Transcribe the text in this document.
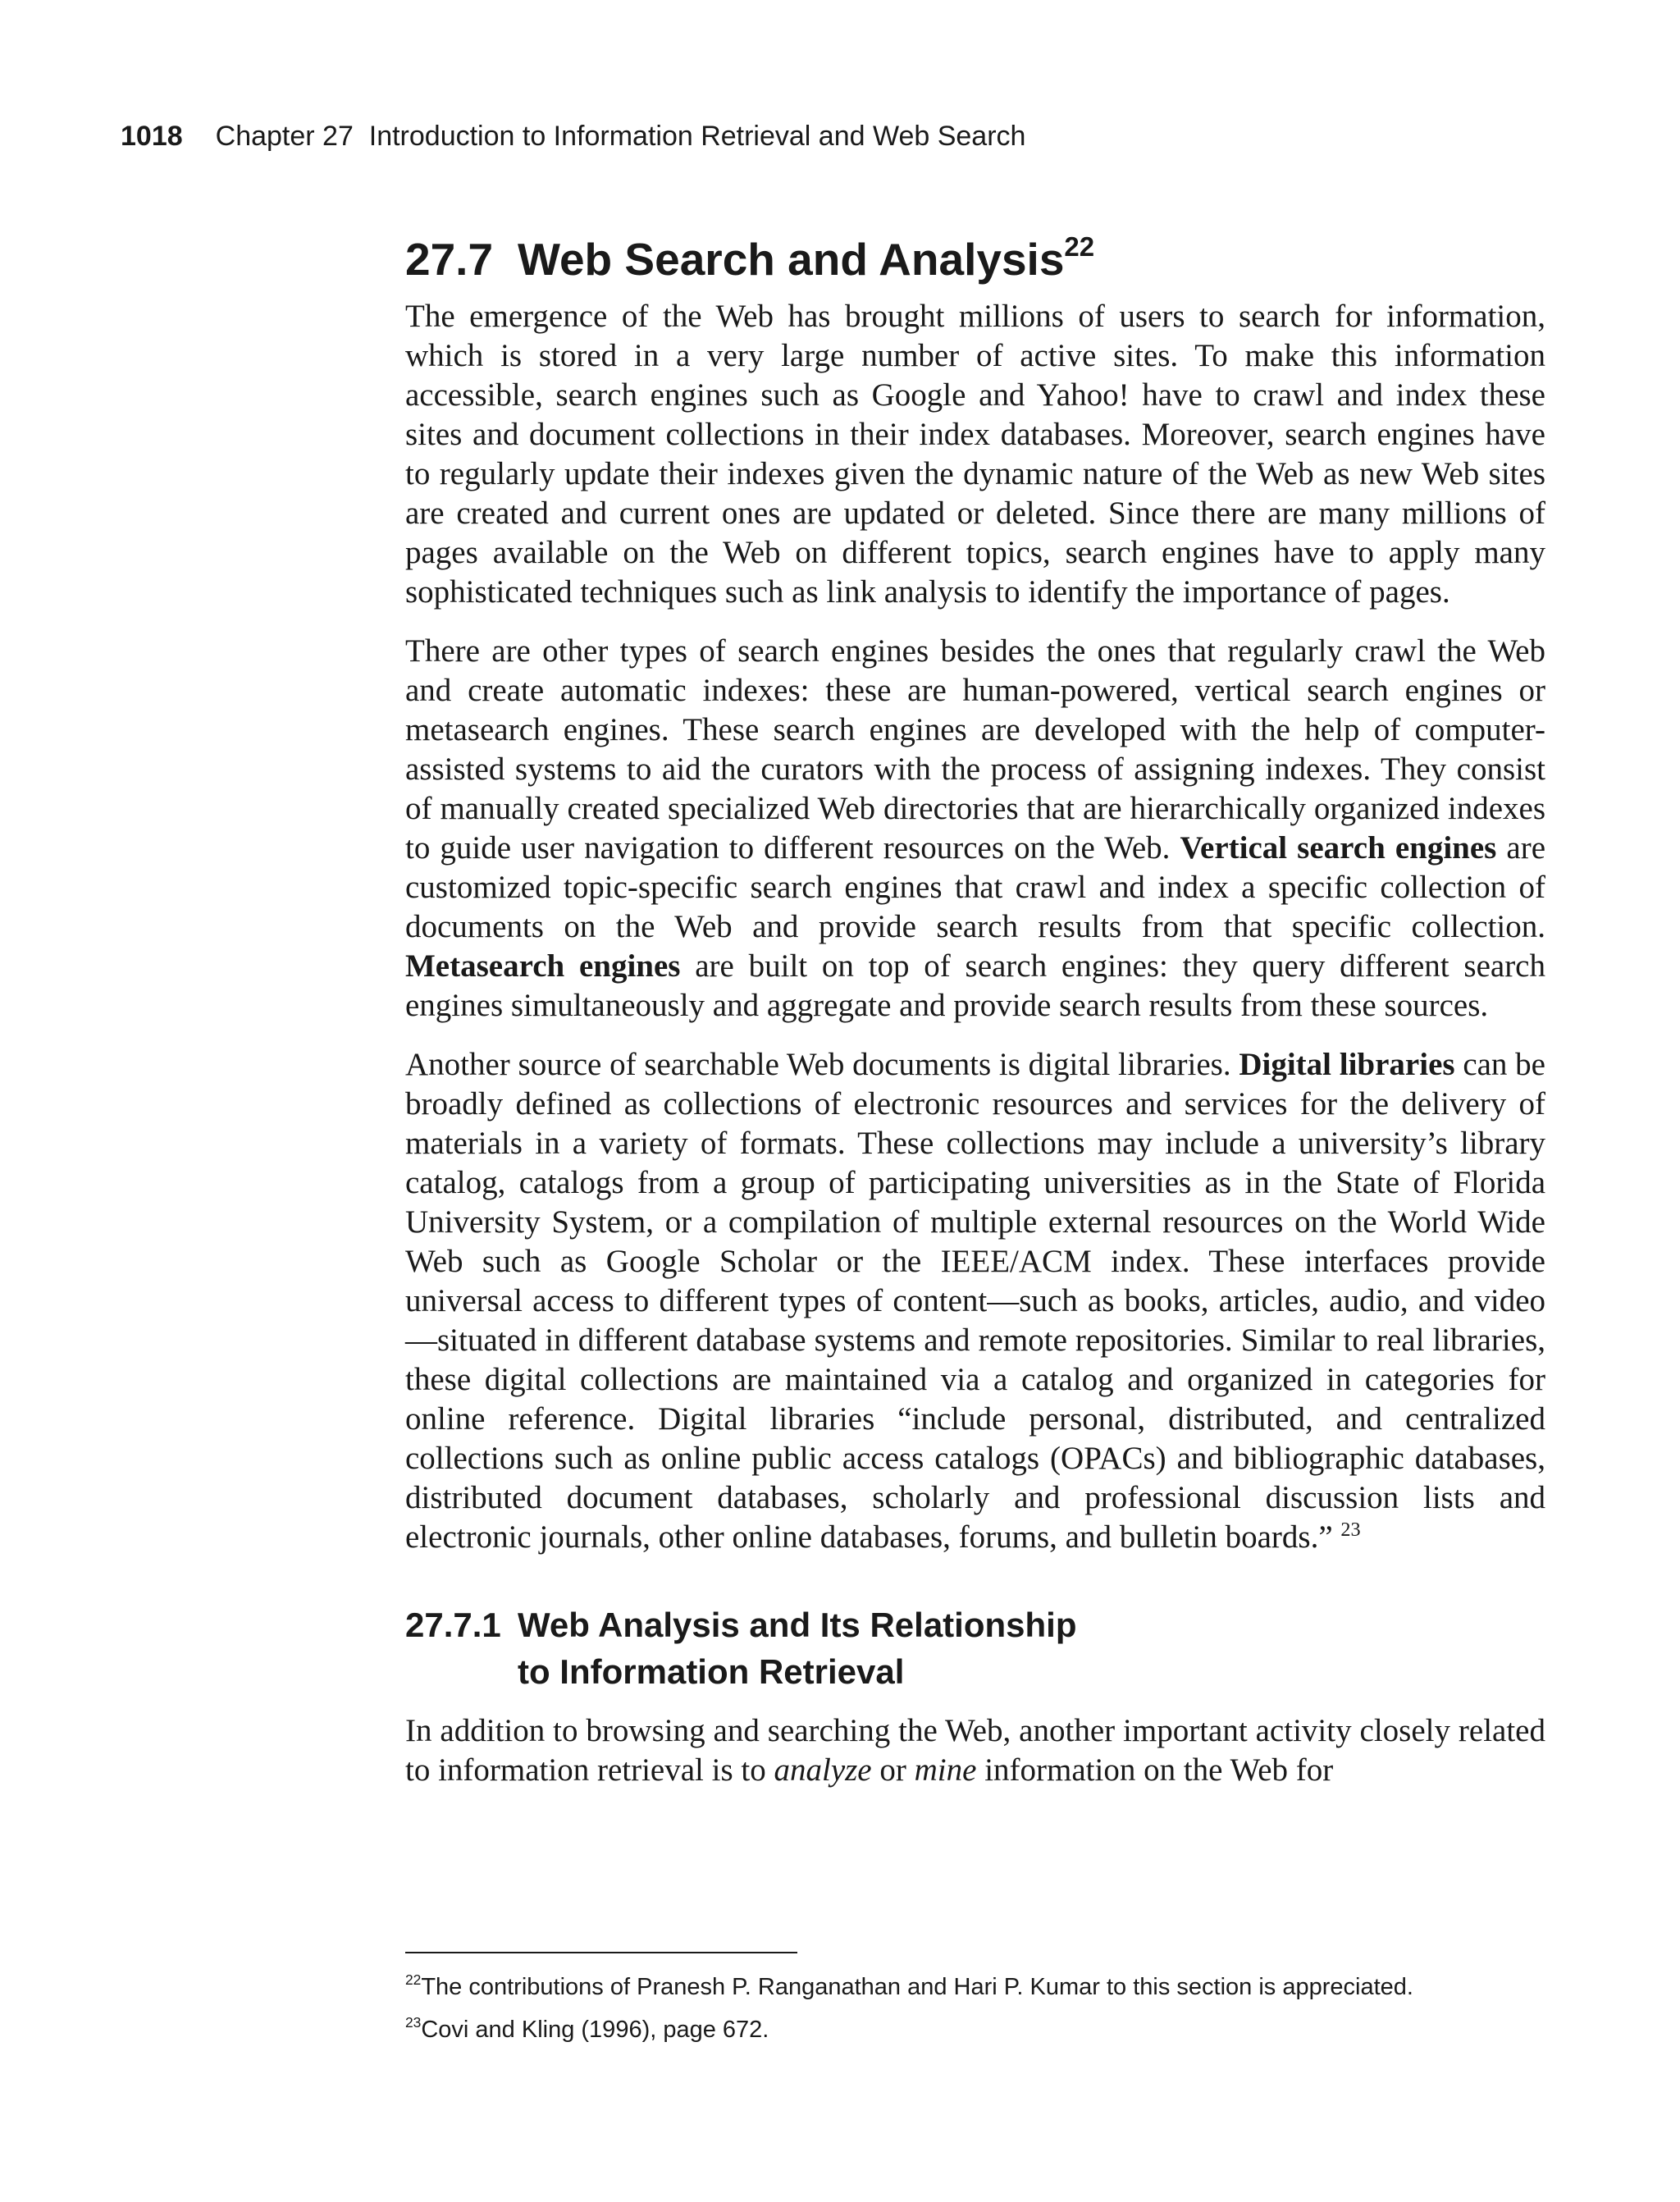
1018 Chapter 27  Introduction to Information Retrieval and Web Search
27.7 Web Search and Analysis$^{22}$

The emergence of the Web has brought millions of users to search for information, which is stored in a very large number of active sites. To make this information accessible, search engines such as Google and Yahoo! have to crawl and index these sites and document collections in their index databases. Moreover, search engines have to regularly update their indexes given the dynamic nature of the Web as new Web sites are created and current ones are updated or deleted. Since there are many millions of pages available on the Web on different topics, search engines have to apply many sophisticated techniques such as link analysis to identify the importance of pages.

There are other types of search engines besides the ones that regularly crawl the Web and create automatic indexes: these are human-powered, vertical search engines or metasearch engines. These search engines are developed with the help of computer-assisted systems to aid the curators with the process of assigning indexes. They consist of manually created specialized Web directories that are hierarchically organized indexes to guide user navigation to different resources on the Web. Vertical search engines are customized topic-specific search engines that crawl and index a specific collection of documents on the Web and provide search results from that specific collection. Metasearch engines are built on top of search engines: they query different search engines simultaneously and aggregate and provide search results from these sources.

Another source of searchable Web documents is digital libraries. Digital libraries can be broadly defined as collections of electronic resources and services for the delivery of materials in a variety of formats. These collections may include a university’s library catalog, catalogs from a group of participating universities as in the State of Florida University System, or a compilation of multiple external resources on the World Wide Web such as Google Scholar or the IEEE/ACM index. These interfaces provide universal access to different types of content—such as books, articles, audio, and video—situated in different database systems and remote repositories. Similar to real libraries, these digital collections are maintained via a catalog and organized in categories for online reference. Digital libraries “include personal, distributed, and centralized collections such as online public access catalogs (OPACs) and bibliographic databases, distributed document databases, scholarly and professional discussion lists and electronic journals, other online databases, forums, and bulletin boards.” $^{23}$

27.7.1 Web Analysis and Its Relationship
to Information Retrieval

In addition to browsing and searching the Web, another important activity closely related to information retrieval is to analyze or mine information on the Web for

$^{22}$The contributions of Pranesh P. Ranganathan and Hari P. Kumar to this section is appreciated.
$^{23}$Covi and Kling (1996), page 672.
